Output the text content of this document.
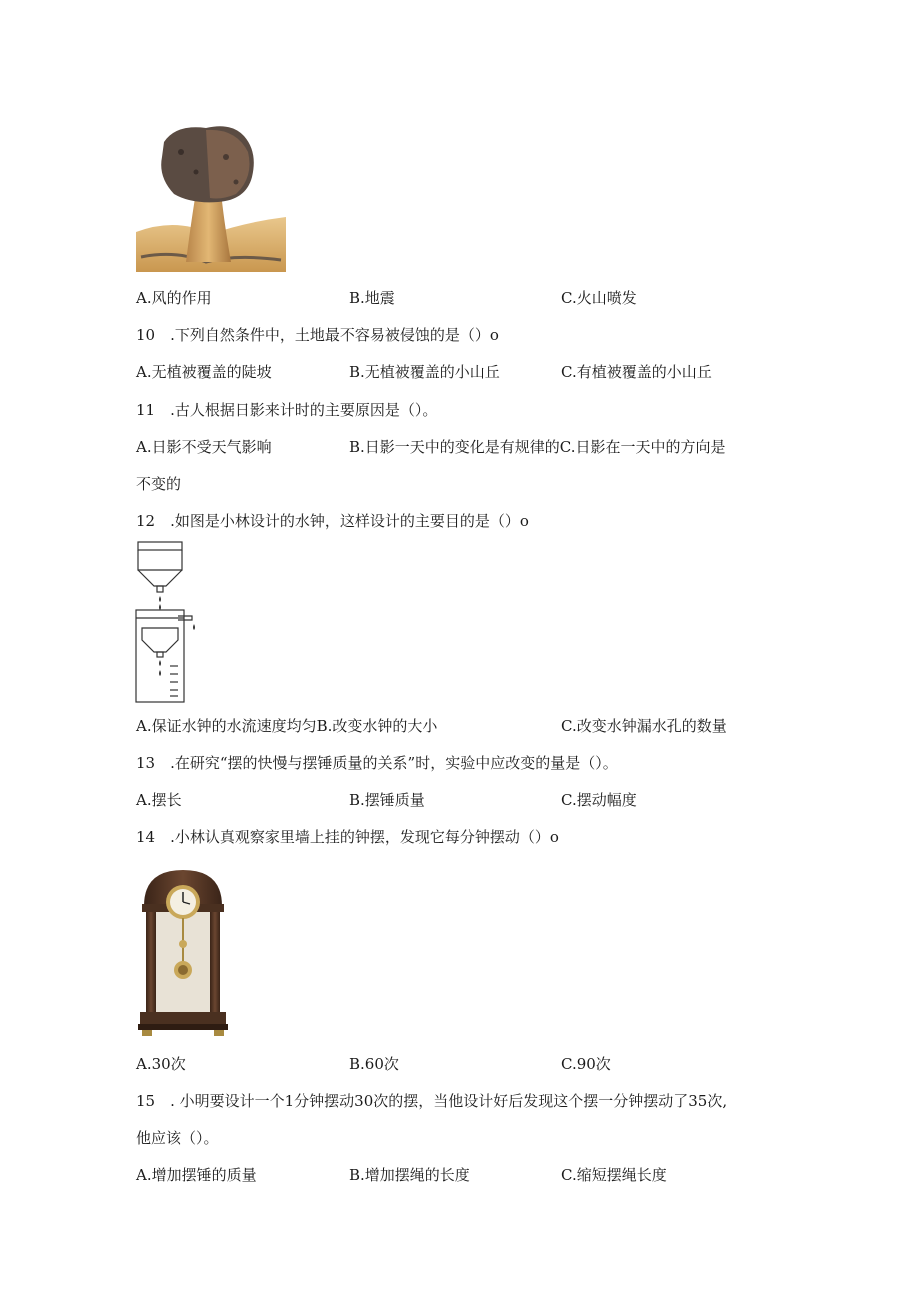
A.风的作用	B.地震	C.火山喷发
10　.下列自然条件中，土地最不容易被侵蚀的是（）o
A.无植被覆盖的陡坡	B.无植被覆盖的小山丘	C.有植被覆盖的小山丘
11　.古人根据日影来计时的主要原因是（）。
A.日影不受天气影响	B.日影一天中的变化是有规律的C.日影在一天中的方向是
不变的
12　.如图是小林设计的水钟，这样设计的主要目的是（）o
A.保证水钟的水流速度均匀B.改变水钟的大小	C.改变水钟漏水孔的数量
13　.在研究“摆的快慢与摆锤质量的关系”时，实验中应改变的量是（）。
A.摆长	B.摆锤质量	C.摆动幅度
14　.小林认真观察家里墙上挂的钟摆，发现它每分钟摆动（）o
A.30次	B.60次	C.90次
15　. 小明要设计一个1分钟摆动30次的摆，当他设计好后发现这个摆一分钟摆动了35次,
他应该（）。
A.增加摆锤的质量	B.增加摆绳的长度	C.缩短摆绳长度
